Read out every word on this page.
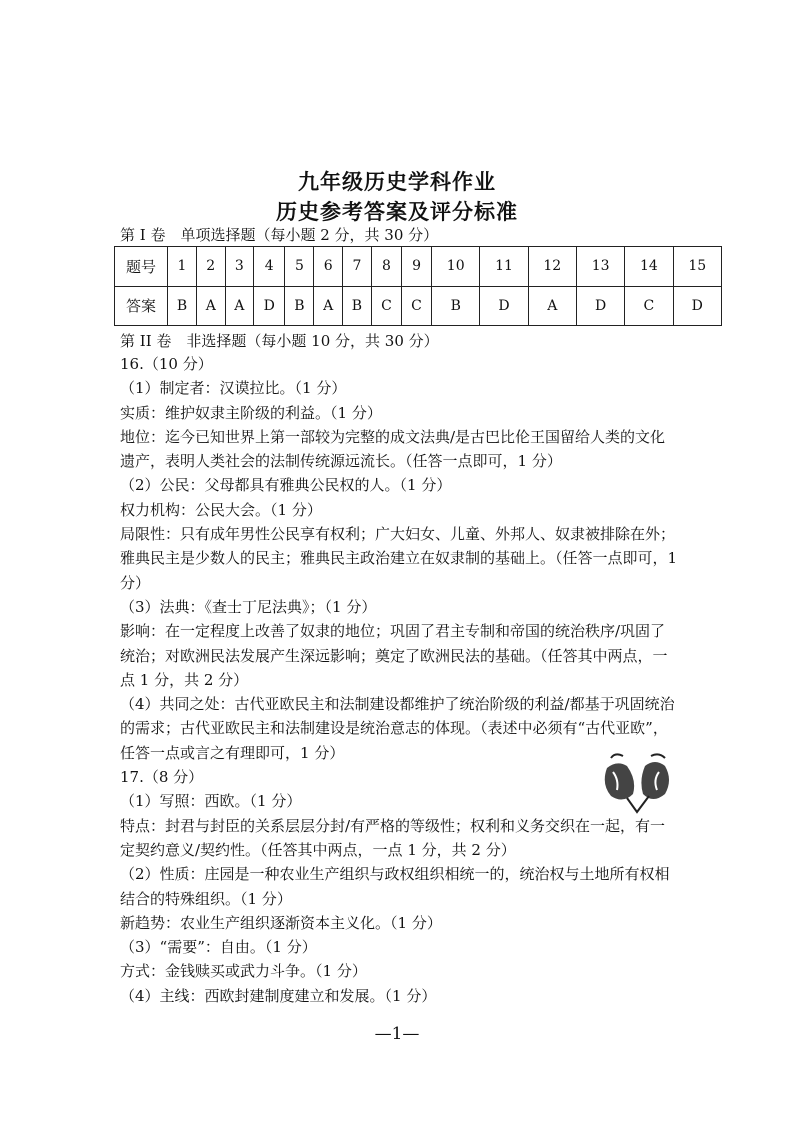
九年级历史学科作业
历史参考答案及评分标准
第 I 卷　单项选择题（每小题 2 分，共 30 分）
题号	1	2	3	4	5	6	7	8	9	10	11	12	13	14	15
答案	B	A	A	D	B	A	B	C	C	B	D	A	D	C	D
第 II 卷　非选择题（每小题 10 分，共 30 分）

16.（10 分）

（1）制定者：汉谟拉比。（1 分）

实质：维护奴隶主阶级的利益。（1 分）

地位：迄今已知世界上第一部较为完整的成文法典/是古巴比伦王国留给人类的文化

遗产，表明人类社会的法制传统源远流长。（任答一点即可，1 分）

（2）公民：父母都具有雅典公民权的人。（1 分）

权力机构：公民大会。（1 分）

局限性：只有成年男性公民享有权利；广大妇女、儿童、外邦人、奴隶被排除在外；

雅典民主是少数人的民主；雅典民主政治建立在奴隶制的基础上。（任答一点即可，1

分）

（3）法典：《查士丁尼法典》；（1 分）

影响：在一定程度上改善了奴隶的地位；巩固了君主专制和帝国的统治秩序/巩固了

统治；对欧洲民法发展产生深远影响；奠定了欧洲民法的基础。（任答其中两点，一

点 1 分，共 2 分）

（4）共同之处：古代亚欧民主和法制建设都维护了统治阶级的利益/都基于巩固统治

的需求；古代亚欧民主和法制建设是统治意志的体现。（表述中必须有“古代亚欧”，

任答一点或言之有理即可，1 分）

17.（8 分）

（1）写照：西欧。（1 分）

特点：封君与封臣的关系层层分封/有严格的等级性；权利和义务交织在一起，有一

定契约意义/契约性。（任答其中两点，一点 1 分，共 2 分）

（2）性质：庄园是一种农业生产组织与政权组织相统一的，统治权与土地所有权相

结合的特殊组织。（1 分）

新趋势：农业生产组织逐渐资本主义化。（1 分）

（3）“需要”：自由。（1 分）

方式：金钱赎买或武力斗争。（1 分）

（4）主线：西欧封建制度建立和发展。（1 分）

—1—
